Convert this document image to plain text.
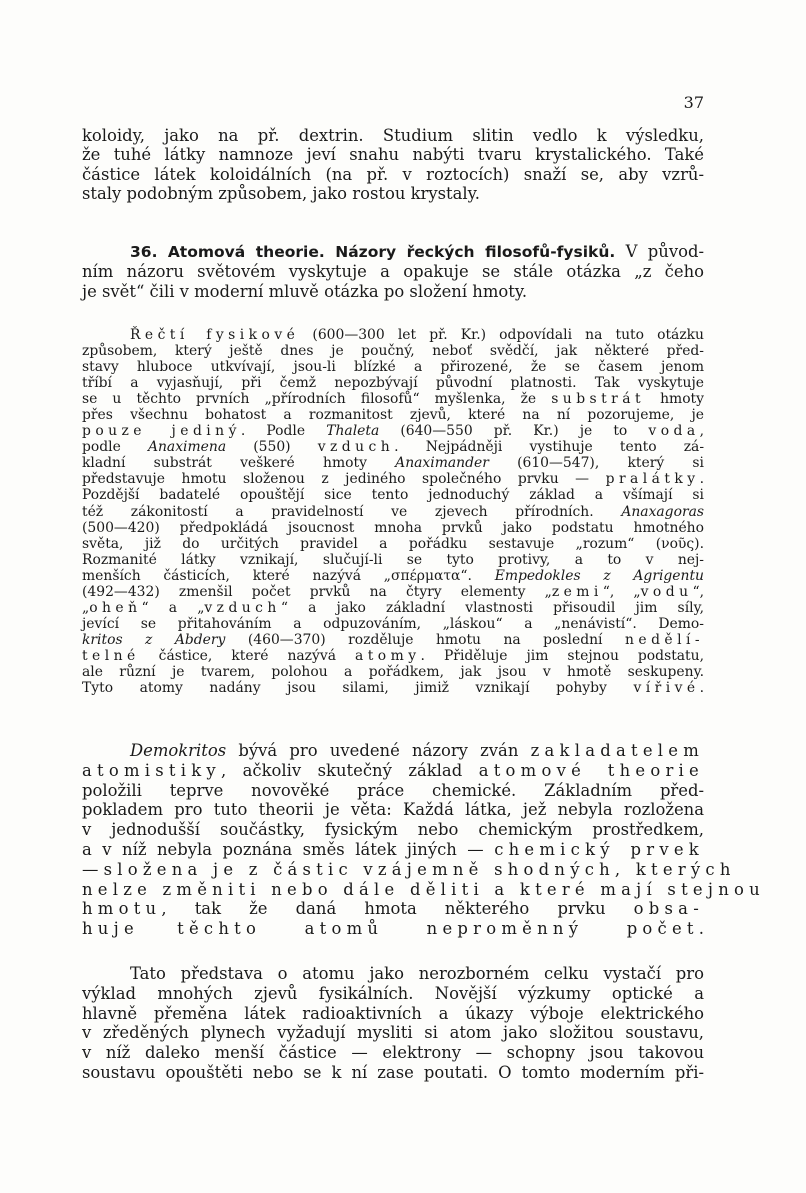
37

koloidy, jako na př. dextrin. Studium slitin vedlo k výsledku,
že tuhé látky namnoze jeví snahu nabýti tvaru krystalického. Také
částice látek koloidálních (na př. v roztocích) snaží se, aby vzrů-
staly podobným způsobem, jako rostou krystaly.

36. Atomová theorie. Názory řeckých filosofů-fysiků. V původ-
ním názoru světovém vyskytuje a opakuje se stále otázka „z čeho
je svět“ čili v moderní mluvě otázka po složení hmoty.

Řečtí fysikové (600—300 let př. Kr.) odpovídali na tuto otázku
způsobem, který ještě dnes je poučný, neboť svědčí, jak některé před-
stavy hluboce utkvívají, jsou-li blízké a přirozené, že se časem jenom
tříbí a vyjasňují, při čemž nepozbývají původní platnosti. Tak vyskytuje
se u těchto prvních „přírodních filosofů“ myšlenka, že substrát hmoty
přes všechnu bohatost a rozmanitost zjevů, které na ní pozorujeme, je
pouze jediný. Podle Thaleta (640—550 př. Kr.) je to voda,
podle Anaximena (550) vzduch. Nejpádněji vystihuje tento zá-
kladní substrát veškeré hmoty Anaximander (610—547), který si
představuje hmotu složenou z jediného společného prvku — pralátky.
Pozdější badatelé opouštějí sice tento jednoduchý základ a všímají si
též zákonitostí a pravidelností ve zjevech přírodních. Anaxagoras
(500—420) předpokládá jsoucnost mnoha prvků jako podstatu hmotného
světa, již do určitých pravidel a pořádku sestavuje „rozum“ (νοῦς).
Rozmanité látky vznikají, slučují-li se tyto protivy, a to v nej-
menších částicích, které nazývá „σπέρματα“. Empedokles z Agrigentu
(492—432) zmenšil počet prvků na čtyry elementy „zemi“, „vodu“,
„oheň“ a „vzduch“ a jako základní vlastnosti přisoudil jim síly,
jevící se přitahováním a odpuzováním, „láskou“ a „nenávistí“. Demo-
kritos z Abdery (460—370) rozděluje hmotu na poslední nedělí-
telné částice, které nazývá atomy. Přiděluje jim stejnou podstatu,
ale různí je tvarem, polohou a pořádkem, jak jsou v hmotě seskupeny.
Tyto atomy nadány jsou silami, jimiž vznikají pohyby vířivé.

Demokritos bývá pro uvedené názory zván zakladatelem
atomistiky, ačkoliv skutečný základ atomové theorie
položili teprve novověké práce chemické. Základním před-
pokladem pro tuto theorii je věta: Každá látka, jež nebyla rozložena
v jednodušší součástky, fysickým nebo chemickým prostředkem,
a v níž nebyla poznána směs látek jiných — chemický prvek
— složena je z částic vzájemně shodných, kterých
nelze změniti nebo dále děliti a které mají stejnou
hmotu, tak že daná hmota některého prvku obsa-
huje těchto atomů neproměnný počet.

Tato představa o atomu jako nerozborném celku vystačí pro
výklad mnohých zjevů fysikálních. Novější výzkumy optické a
hlavně přeměna látek radioaktivních a úkazy výboje elektrického
v zředěných plynech vyžadují mysliti si atom jako složitou soustavu,
v níž daleko menší částice — elektrony — schopny jsou takovou
soustavu opouštěti nebo se k ní zase poutati. O tomto moderním při-
